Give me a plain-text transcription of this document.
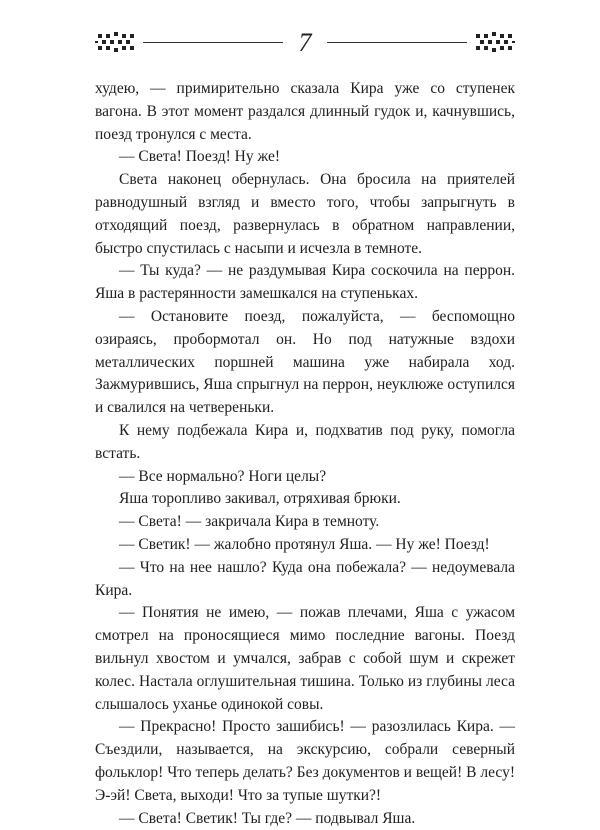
7

худею, — примирительно сказала Кира уже со ступенек вагона. В этот момент раздался длинный гудок и, качнувшись, поезд тронулся с места.

— Света! Поезд! Ну же!

Света наконец обернулась. Она бросила на приятелей равнодушный взгляд и вместо того, чтобы запрыгнуть в отходящий поезд, развернулась в обратном направлении, быстро спустилась с насыпи и исчезла в темноте.

— Ты куда? — не раздумывая Кира соскочила на перрон. Яша в растерянности замешкался на ступеньках.

— Остановите поезд, пожалуйста, — беспомощно озираясь, пробормотал он. Но под натужные вздохи металлических поршней машина уже набирала ход. Зажмурившись, Яша спрыгнул на перрон, неуклюже оступился и свалился на четвереньки.

К нему подбежала Кира и, подхватив под руку, помогла встать.

— Все нормально? Ноги целы?

Яша торопливо закивал, отряхивая брюки.

— Света! — закричала Кира в темноту.

— Светик! — жалобно протянул Яша. — Ну же! Поезд!

— Что на нее нашло? Куда она побежала? — недоумевала Кира.

— Понятия не имею, — пожав плечами, Яша с ужасом смотрел на проносящиеся мимо последние вагоны. Поезд вильнул хвостом и умчался, забрав с собой шум и скрежет колес. Настала оглушительная тишина. Только из глубины леса слышалось уханье одинокой совы.

— Прекрасно! Просто зашибись! — разозлилась Кира. — Съездили, называется, на экскурсию, собрали северный фольклор! Что теперь делать? Без документов и вещей! В лесу! Э-эй! Света, выходи! Что за тупые шутки?!

— Света! Светик! Ты где? — подвывал Яша.
